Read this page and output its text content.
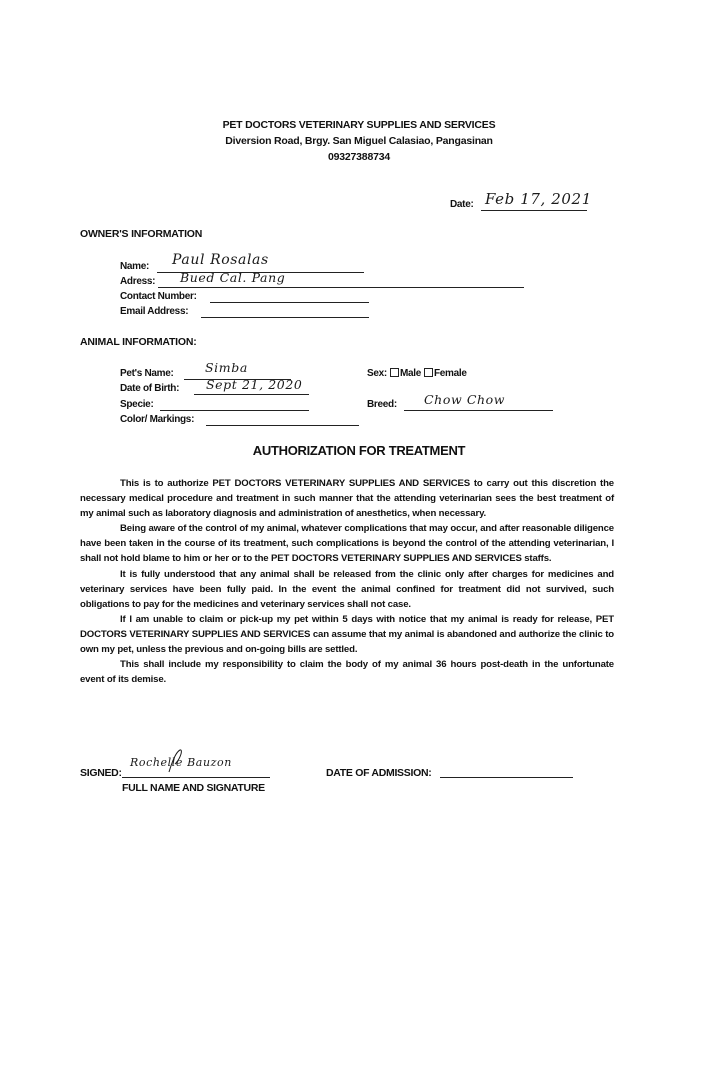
PET DOCTORS VETERINARY SUPPLIES AND SERVICES
Diversion Road, Brgy. San Miguel Calasiao, Pangasinan
09327388734
Date: Feb 17, 2021
OWNER'S INFORMATION
Name: Paul Rosalas
Adress: Bued Cal. Pang
Contact Number:
Email Address:
ANIMAL INFORMATION:
Pet's Name:	Simba
Date of Birth: Sept 21, 2020
Specie:
Color/ Markings:
Sex: Male Female
Breed: Chow Chow
AUTHORIZATION FOR TREATMENT

This is to authorize PET DOCTORS VETERINARY SUPPLIES AND SERVICES to carry out this discretion the necessary medical procedure and treatment in such manner that the attending veterinarian sees the best treatment of my animal such as laboratory diagnosis and administration of anesthetics, when necessary.

Being aware of the control of my animal, whatever complications that may occur, and after reasonable diligence have been taken in the course of its treatment, such complications is beyond the control of the attending veterinarian, I shall not hold blame to him or her or to the PET DOCTORS VETERINARY SUPPLIES AND SERVICES staffs.

It is fully understood that any animal shall be released from the clinic only after charges for medicines and veterinary services have been fully paid. In the event the animal confined for treatment did not survived, such obligations to pay for the medicines and veterinary services shall not case.

If I am unable to claim or pick-up my pet within 5 days with notice that my animal is ready for release, PET DOCTORS VETERINARY SUPPLIES AND SERVICES can assume that my animal is abandoned and authorize the clinic to own my pet, unless the previous and on-going bills are settled.

This shall include my responsibility to claim the body of my animal 36 hours post-death in the unfortunate event of its demise.

SIGNED:
Rochelle Bauzon
FULL NAME AND SIGNATURE
DATE OF ADMISSION:
